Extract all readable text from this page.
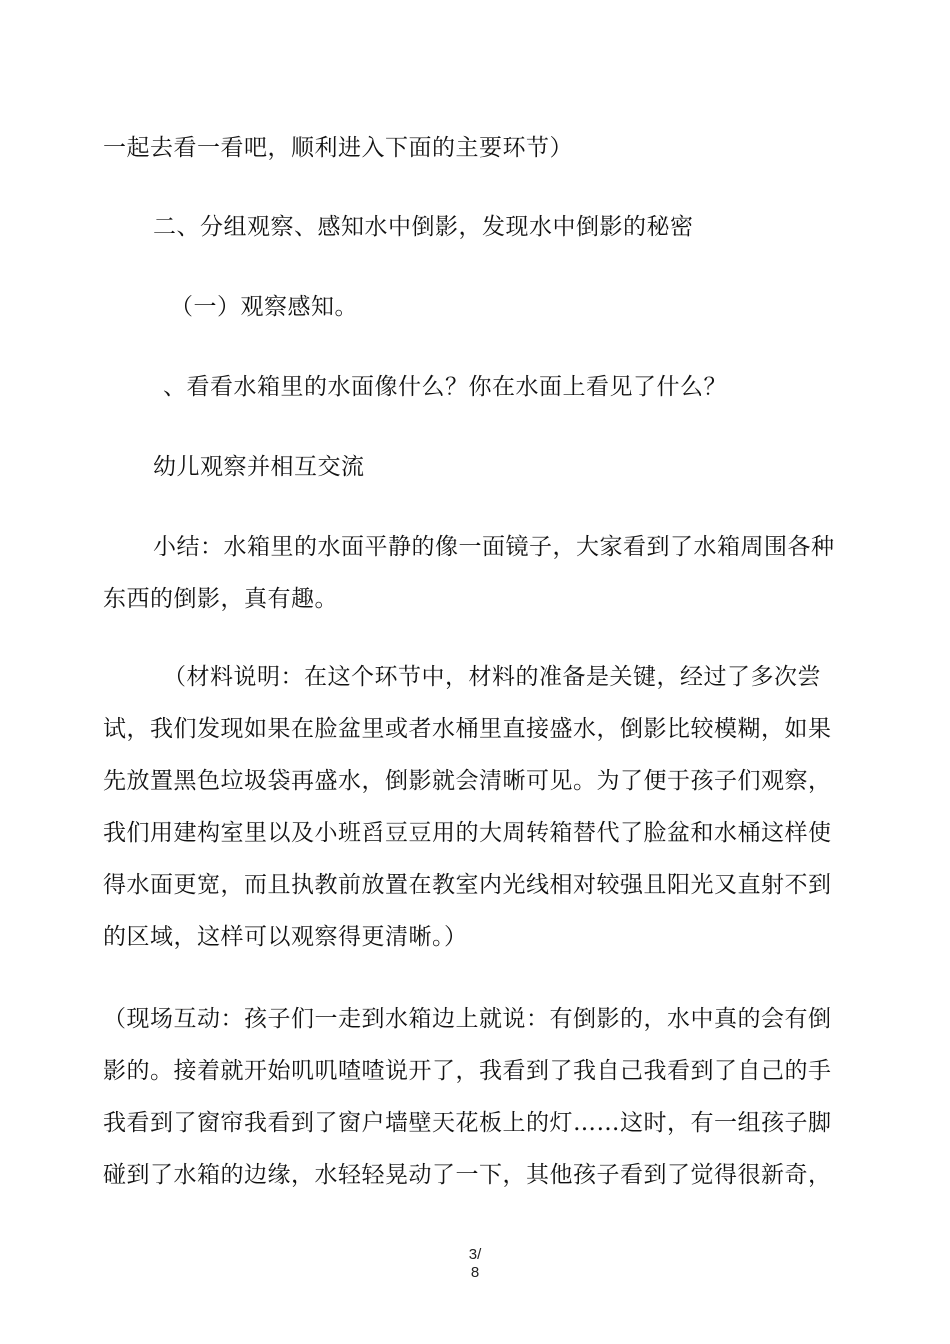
一起去看一看吧，顺利进入下面的主要环节）

二、分组观察、感知水中倒影，发现水中倒影的秘密

（一）观察感知。

、看看水箱里的水面像什么？你在水面上看见了什么？

幼儿观察并相互交流

小结：水箱里的水面平静的像一面镜子，大家看到了水箱周围各种

东西的倒影，真有趣。

（材料说明：在这个环节中，材料的准备是关键，经过了多次尝

试，我们发现如果在脸盆里或者水桶里直接盛水，倒影比较模糊，如果

先放置黑色垃圾袋再盛水，倒影就会清晰可见。为了便于孩子们观察，

我们用建构室里以及小班舀豆豆用的大周转箱替代了脸盆和水桶这样使

得水面更宽，而且执教前放置在教室内光线相对较强且阳光又直射不到

的区域，这样可以观察得更清晰。）

（现场互动：孩子们一走到水箱边上就说：有倒影的，水中真的会有倒

影的。接着就开始叽叽喳喳说开了，我看到了我自己我看到了自己的手

我看到了窗帘我看到了窗户墙壁天花板上的灯……这时，有一组孩子脚

碰到了水箱的边缘，水轻轻晃动了一下，其他孩子看到了觉得很新奇，

3/
8
